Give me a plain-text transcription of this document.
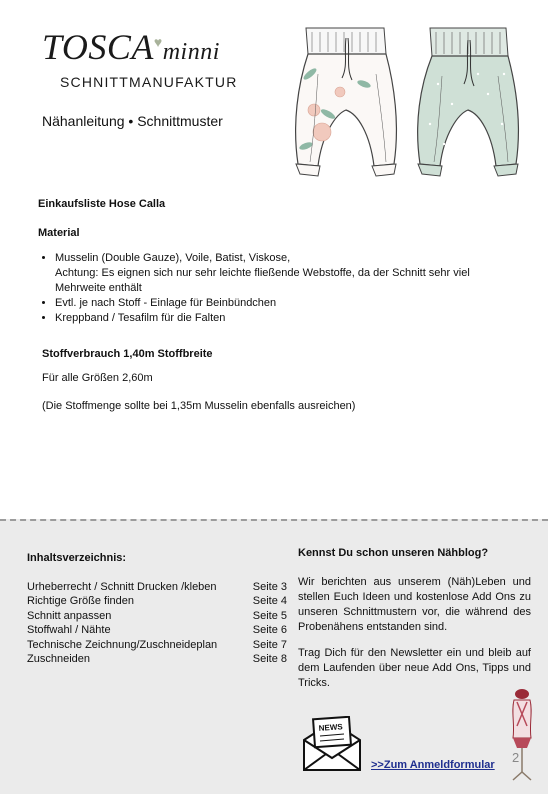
TOSCA♥minni
SCHNITTMANUFAKTUR
Nähanleitung • Schnittmuster
Einkaufsliste Hose Calla
Material
• Musselin (Double Gauze), Voile, Batist, Viskose,
Achtung: Es eignen sich nur sehr leichte fließende Webstoffe, da der Schnitt sehr viel Mehrweite enthält
• Evtl. je nach Stoff - Einlage für Beinbündchen
• Kreppband / Tesafilm für die Falten
Stoffverbrauch 1,40m Stoffbreite
Für alle Größen 2,60m
(Die Stoffmenge sollte bei 1,35m Musselin ebenfalls ausreichen)
Inhaltsverzeichnis:
Urheberrecht / Schnitt Drucken /kleben	Seite 3
Richtige Größe finden	Seite 4
Schnitt anpassen	Seite 5
Stoffwahl / Nähte	Seite 6
Technische Zeichnung/Zuschneideplan	Seite 7
Zuschneiden	Seite 8
Kennst Du schon unseren Nähblog?

Wir berichten aus unserem (Näh)Leben und stellen Euch Ideen und kostenlose Add Ons zu unseren Schnittmustern vor, die während des Probenähens entstanden sind.

Trag Dich für den Newsletter ein und bleib auf dem Laufenden über neue Add Ons, Tipps und Tricks.

NEWS
>>Zum Anmeldformular 2
